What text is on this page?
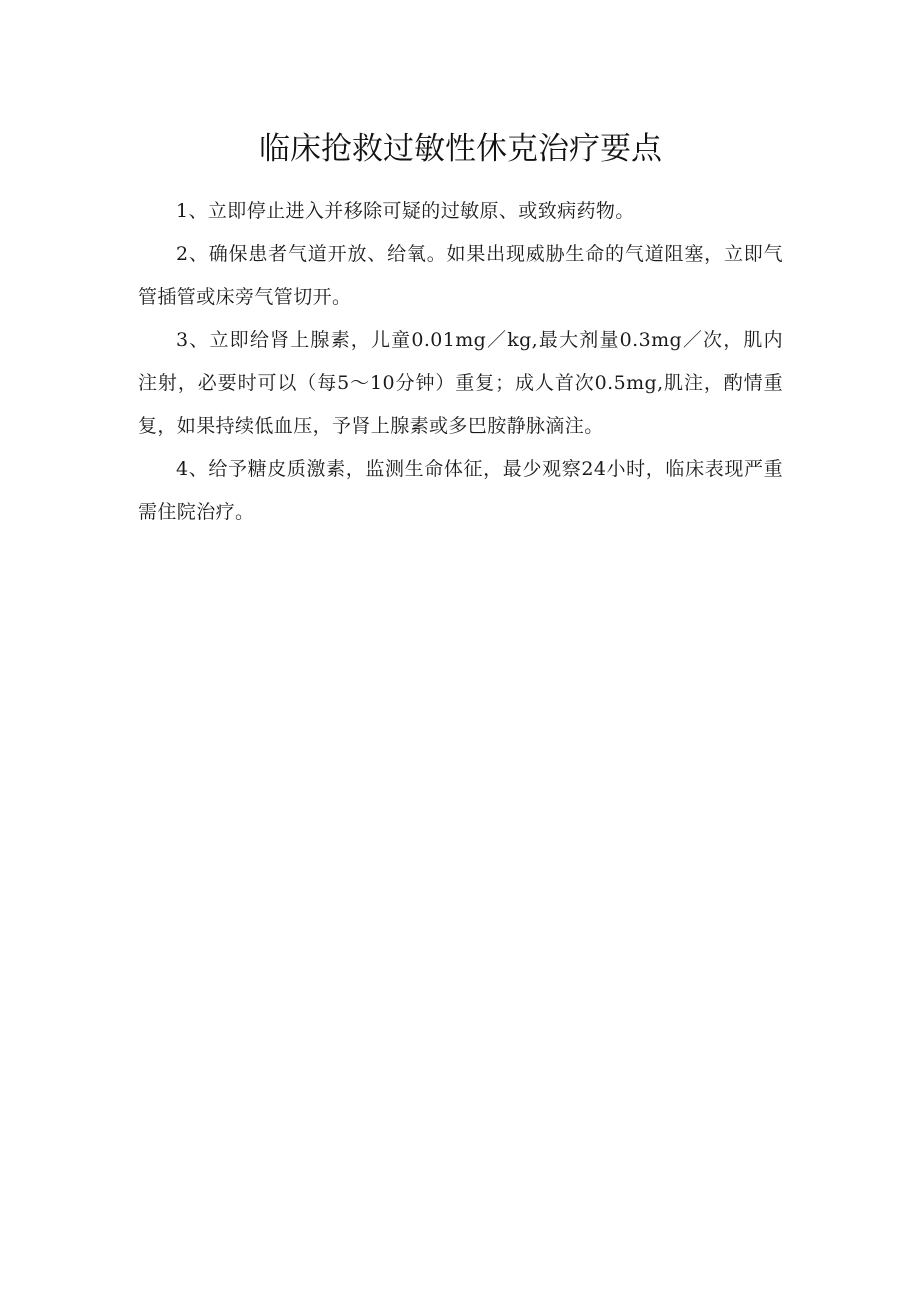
临床抢救过敏性休克治疗要点

1、立即停止进入并移除可疑的过敏原、或致病药物。

2、确保患者气道开放、给氧。如果出现威胁生命的气道阻塞，立即气管插管或床旁气管切开。

3、立即给肾上腺素，儿童0.01mg／kg,最大剂量0.3mg／次，肌内注射，必要时可以（每5～10分钟）重复；成人首次0.5mg,肌注，酌情重复，如果持续低血压，予肾上腺素或多巴胺静脉滴注。

4、给予糖皮质激素，监测生命体征，最少观察24小时，临床表现严重需住院治疗。
